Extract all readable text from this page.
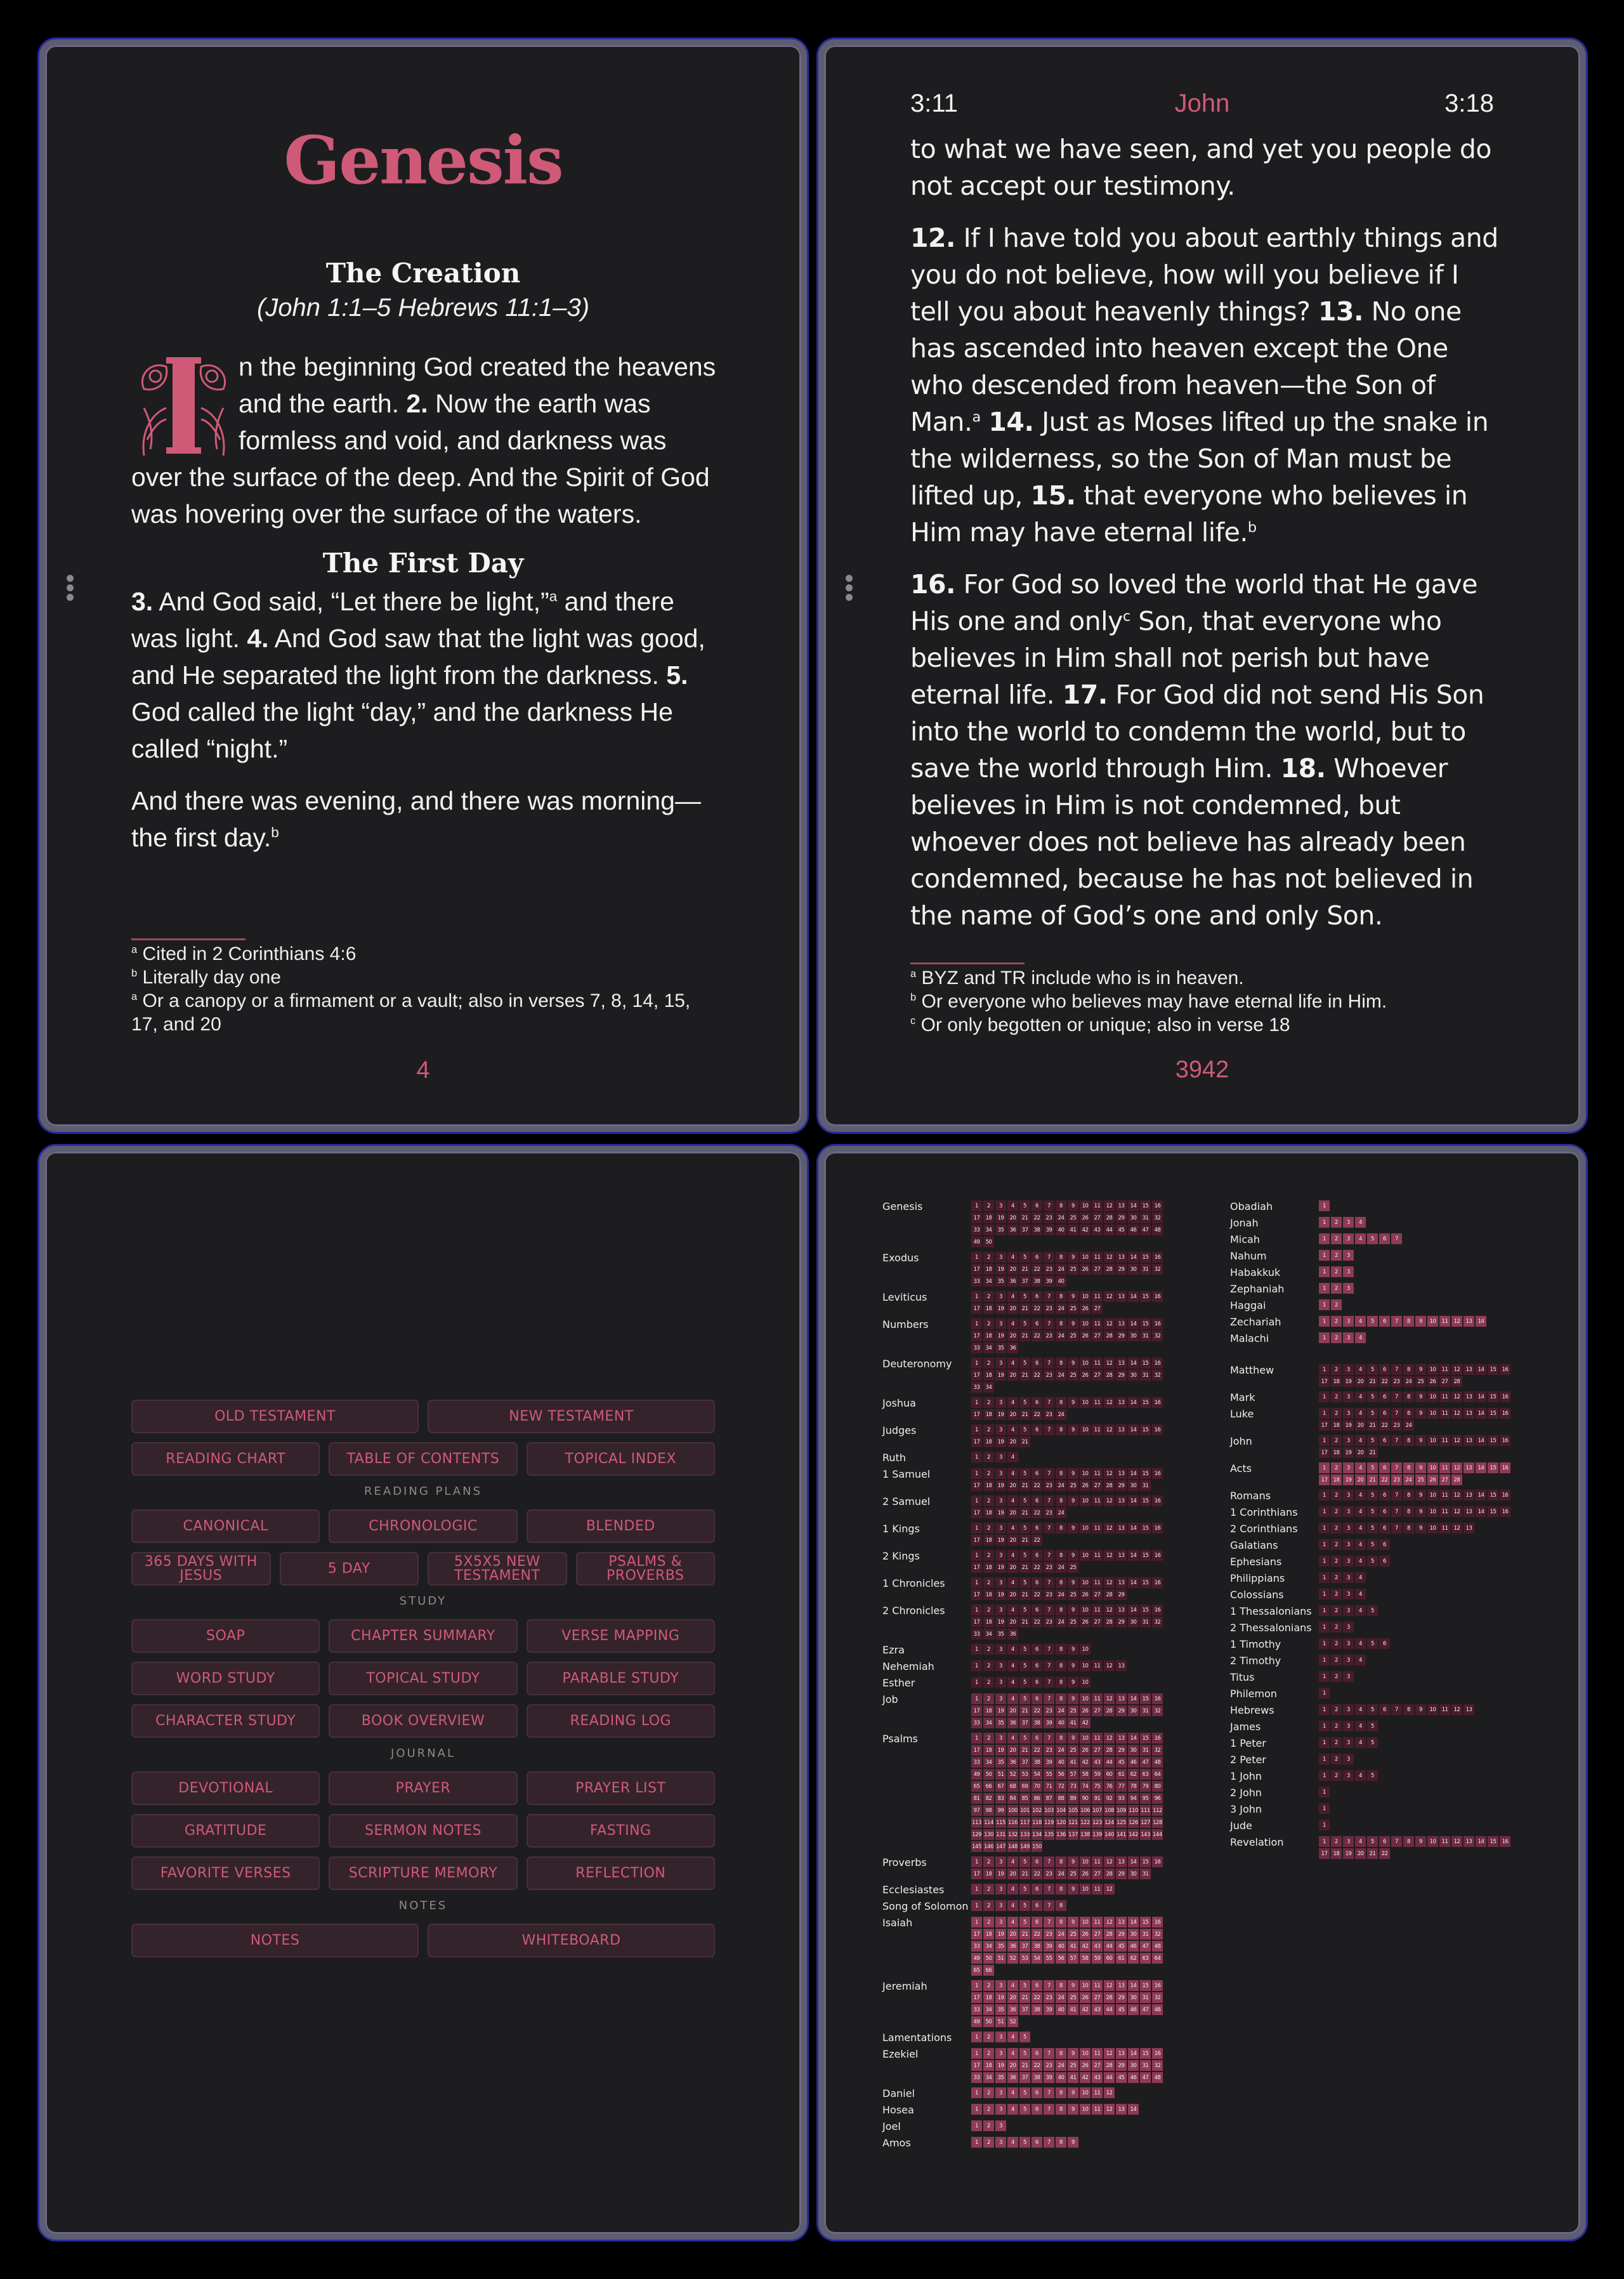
Genesis
The Creation
(John 1:1–5 Hebrews 11:1–3)

n the beginning God created the heavens and the earth. 2. Now the earth was formless and void, and darkness was over the surface of the deep. And the Spirit of God was hovering over the surface of the waters.

The First Day

3. And God said, “Let there be light,”$^a$ and there was light. 4. And God saw that the light was good, and He separated the light from the darkness. 5. God called the light “day,” and the darkness He called “night.”

And there was evening, and there was morning—the first day.$^b$

$^a$ Cited in 2 Corinthians 4:6
$^b$ Literally day one
$^a$ Or a canopy or a firmament or a vault; also in verses 7, 8, 14, 15, 17, and 20
4
3:11	John	3:18

to what we have seen, and yet you people do not accept our testimony.

12. If I have told you about earthly things and you do not believe, how will you believe if I tell you about heavenly things? 13. No one has ascended into heaven except the One who descended from heaven—the Son of Man.$^a$ 14. Just as Moses lifted up the snake in the wilderness, so the Son of Man must be lifted up, 15. that everyone who believes in Him may have eternal life.$^b$

16. For God so loved the world that He gave His one and only$^c$ Son, that everyone who believes in Him shall not perish but have eternal life. 17. For God did not send His Son into the world to condemn the world, but to save the world through Him. 18. Whoever believes in Him is not condemned, but whoever does not believe has already been condemned, because he has not believed in the name of God’s one and only Son.

$^a$ BYZ and TR include who is in heaven.
$^b$ Or everyone who believes may have eternal life in Him.
$^c$ Or only begotten or unique; also in verse 18
3942
OLD TESTAMENT	NEW TESTAMENT
READING CHART	TABLE OF CONTENTS	TOPICAL INDEX
READING PLANS
CANONICAL	CHRONOLOGIC	BLENDED
365 DAYS WITH JESUS	5 DAY	5X5X5 NEW TESTAMENT
PSALMS & PROVERBS
STUDY
SOAP	CHAPTER SUMMARY	VERSE MAPPING
WORD STUDY	TOPICAL STUDY	PARABLE STUDY
CHARACTER STUDY	BOOK OVERVIEW	READING LOG
JOURNAL
DEVOTIONAL	PRAYER	PRAYER LIST
GRATITUDE	SERMON NOTES	FASTING
FAVORITE VERSES	SCRIPTURE MEMORY	REFLECTION
NOTES
NOTES	WHITEBOARD
Genesis	1	2	3	4	5	6	7	8	9	10	11	12	13	14	15	16
17	18	19	20	21	22	23	24	25	26	27	28	29	30	31	32
33	34	35	36	37	38	39	40	41	42	43	44	45	46	47	48
49	50
Exodus	1	2	3	4	5	6	7	8	9	10	11	12	13	14	15	16
17	18	19	20	21	22	23	24	25	26	27	28	29	30	31	32
33	34	35	36	37	38	39	40
Leviticus	1	2	3	4	5	6	7	8	9	10	11	12	13	14	15	16
17	18	19	20	21	22	23	24	25	26	27
Numbers	1	2	3	4	5	6	7	8	9	10	11	12	13	14	15	16
17	18	19	20	21	22	23	24	25	26	27	28	29	30	31	32
33	34	35	36
Deuteronomy	1	2	3	4	5	6	7	8	9	10	11	12	13	14	15	16
17	18	19	20	21	22	23	24	25	26	27	28	29	30	31	32
33	34
Joshua	1	2	3	4	5	6	7	8	9	10	11	12	13	14	15	16
17	18	19	20	21	22	23	24
Judges	1	2	3	4	5	6	7	8	9	10	11	12	13	14	15	16
17	18	19	20	21
Ruth	1	2	3	4
1 Samuel	1	2	3	4	5	6	7	8	9	10	11	12	13	14	15	16
17	18	19	20	21	22	23	24	25	26	27	28	29	30	31
2 Samuel	1	2	3	4	5	6	7	8	9	10	11	12	13	14	15	16
17	18	19	20	21	22	23	24
1 Kings	1	2	3	4	5	6	7	8	9	10	11	12	13	14	15	16
17	18	19	20	21	22
2 Kings	1	2	3	4	5	6	7	8	9	10	11	12	13	14	15	16
17	18	19	20	21	22	23	24	25
1 Chronicles	1	2	3	4	5	6	7	8	9	10	11	12	13	14	15	16
17	18	19	20	21	22	23	24	25	26	27	28	29
2 Chronicles	1	2	3	4	5	6	7	8	9	10	11	12	13	14	15	16
17	18	19	20	21	22	23	24	25	26	27	28	29	30	31	32
33	34	35	36
Ezra	1	2	3	4	5	6	7	8	9	10
Nehemiah	1	2	3	4	5	6	7	8	9	10	11	12	13
Esther	1	2	3	4	5	6	7	8	9	10
Job	1	2	3	4	5	6	7	8	9	10	11	12	13	14	15	16
17	18	19	20	21	22	23	24	25	26	27	28	29	30	31	32
33	34	35	36	37	38	39	40	41	42
Psalms	1	2	3	4	5	6	7	8	9	10	11	12	13	14	15	16
17	18	19	20	21	22	23	24	25	26	27	28	29	30	31	32
33	34	35	36	37	38	39	40	41	42	43	44	45	46	47	48
49	50	51	52	53	54	55	56	57	58	59	60	61	62	63	64
65	66	67	68	69	70	71	72	73	74	75	76	77	78	79	80
81	82	83	84	85	86	87	88	89	90	91	92	93	94	95	96
97	98	99 100 101 102 103 104 105 106 107 108 109 110 111 112
113 114 115 116 117 118 119 120 121 122 123 124 125 126 127 128
129 130 131 132 133 134 135 136 137 138 139 140 141 142 143 144
145 146 147 148 149 150
Proverbs	1	2	3	4	5	6	7	8	9	10	11	12	13	14	15	16
17	18	19	20	21	22	23	24	25	26	27	28	29	30	31
Ecclesiastes	1	2	3	4	5	6	7	8	9	10	11	12
Song of Solomon	1	2	3	4	5	6	7	8
Isaiah	1	2	3	4	5	6	7	8	9	10	11	12	13	14	15	16
17	18	19	20	21	22	23	24	25	26	27	28	29	30	31	32
33	34	35	36	37	38	39	40	41	42	43	44	45	46	47	48
49	50	51	52	53	54	55	56	57	58	59	60	61	62	63	64
65	66
Jeremiah	1	2	3	4	5	6	7	8	9	10	11	12	13	14	15	16
17	18	19	20	21	22	23	24	25	26	27	28	29	30	31	32
33	34	35	36	37	38	39	40	41	42	43	44	45	46	47	48
49	50	51	52
Lamentations	1	2	3	4	5
Ezekiel	1	2	3	4	5	6	7	8	9	10	11	12	13	14	15	16
17	18	19	20	21	22	23	24	25	26	27	28	29	30	31	32
33	34	35	36	37	38	39	40	41	42	43	44	45	46	47	48
Daniel	1	2	3	4	5	6	7	8	9	10	11	12
Hosea	1	2	3	4	5	6	7	8	9	10	11	12	13	14
Joel	1	2	3
Amos	1	2	3	4	5	6	7	8	9
Obadiah	1
Jonah	1	2	3	4
Micah	1	2	3	4	5	6	7
Nahum	1	2	3
Habakkuk	1	2	3
Zephaniah	1	2	3
Haggai	1	2
Zechariah	1	2	3	4	5	6	7	8	9	10	11	12	13	14
Malachi	1	2	3	4
Matthew	1	2	3	4	5	6	7	8	9	10	11	12	13	14	15	16
17	18	19	20	21	22	23	24	25	26	27	28
Mark	1	2	3	4	5	6	7	8	9	10	11	12	13	14	15	16
Luke	1	2	3	4	5	6	7	8	9	10	11	12	13	14	15	16
17	18	19	20	21	22	23	24
John	1	2	3	4	5	6	7	8	9	10	11	12	13	14	15	16
17	18	19	20	21
Acts	1	2	3	4	5	6	7	8	9	10	11	12	13	14	15	16
17	18	19	20	21	22	23	24	25	26	27	28
Romans	1	2	3	4	5	6	7	8	9	10	11	12	13	14	15	16
1 Corinthians	1	2	3	4	5	6	7	8	9	10	11	12	13	14	15	16
2 Corinthians	1	2	3	4	5	6	7	8	9	10	11	12	13
Galatians	1	2	3	4	5	6
Ephesians	1	2	3	4	5	6
Philippians	1	2	3	4
Colossians	1	2	3	4
1 Thessalonians	1	2	3	4	5
2 Thessalonians	1	2	3
1 Timothy	1	2	3	4	5	6
2 Timothy	1	2	3	4
Titus	1	2	3
Philemon	1
Hebrews	1	2	3	4	5	6	7	8	9	10	11	12	13
James	1	2	3	4	5
1 Peter	1	2	3	4	5
2 Peter	1	2	3
1 John	1	2	3	4	5
2 John	1
3 John	1
Jude	1
Revelation	1	2	3	4	5	6	7	8	9	10	11	12	13	14	15	16
17	18	19	20	21	22
